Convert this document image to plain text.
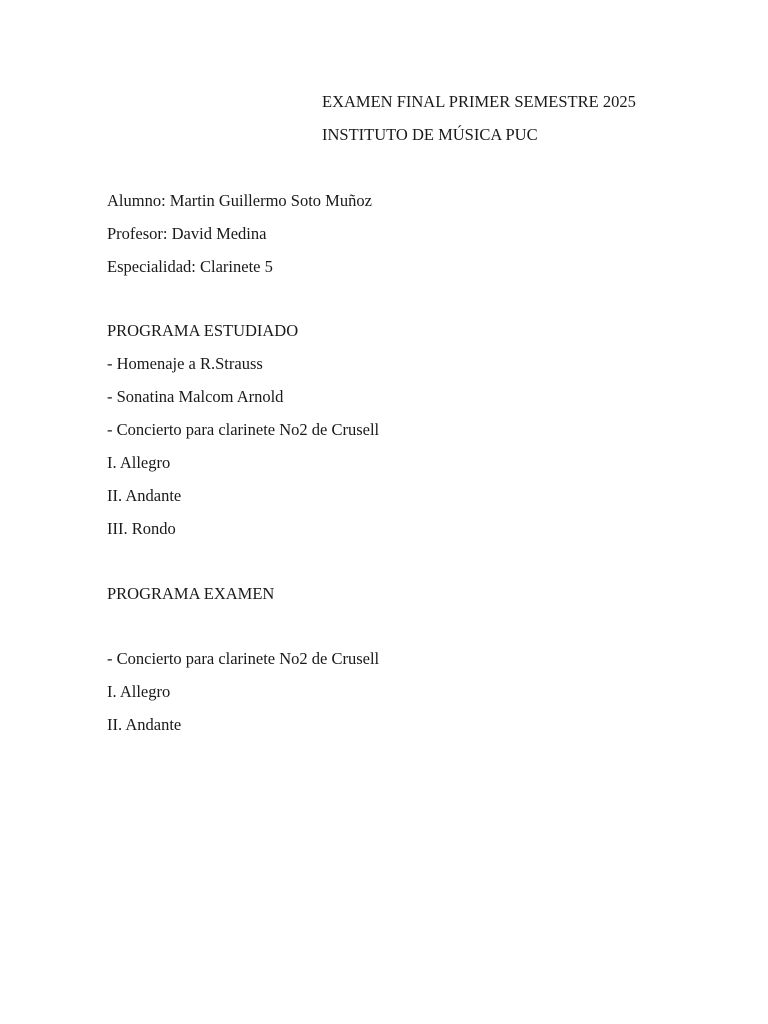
EXAMEN FINAL PRIMER SEMESTRE 2025
INSTITUTO DE MÚSICA PUC
Alumno: Martin Guillermo Soto Muñoz
Profesor: David Medina
Especialidad: Clarinete 5
PROGRAMA ESTUDIADO
- Homenaje a R.Strauss
- Sonatina Malcom Arnold
- Concierto para clarinete No2 de Crusell
I. Allegro
II. Andante
III. Rondo
PROGRAMA EXAMEN
- Concierto para clarinete No2 de Crusell
I. Allegro
II. Andante
